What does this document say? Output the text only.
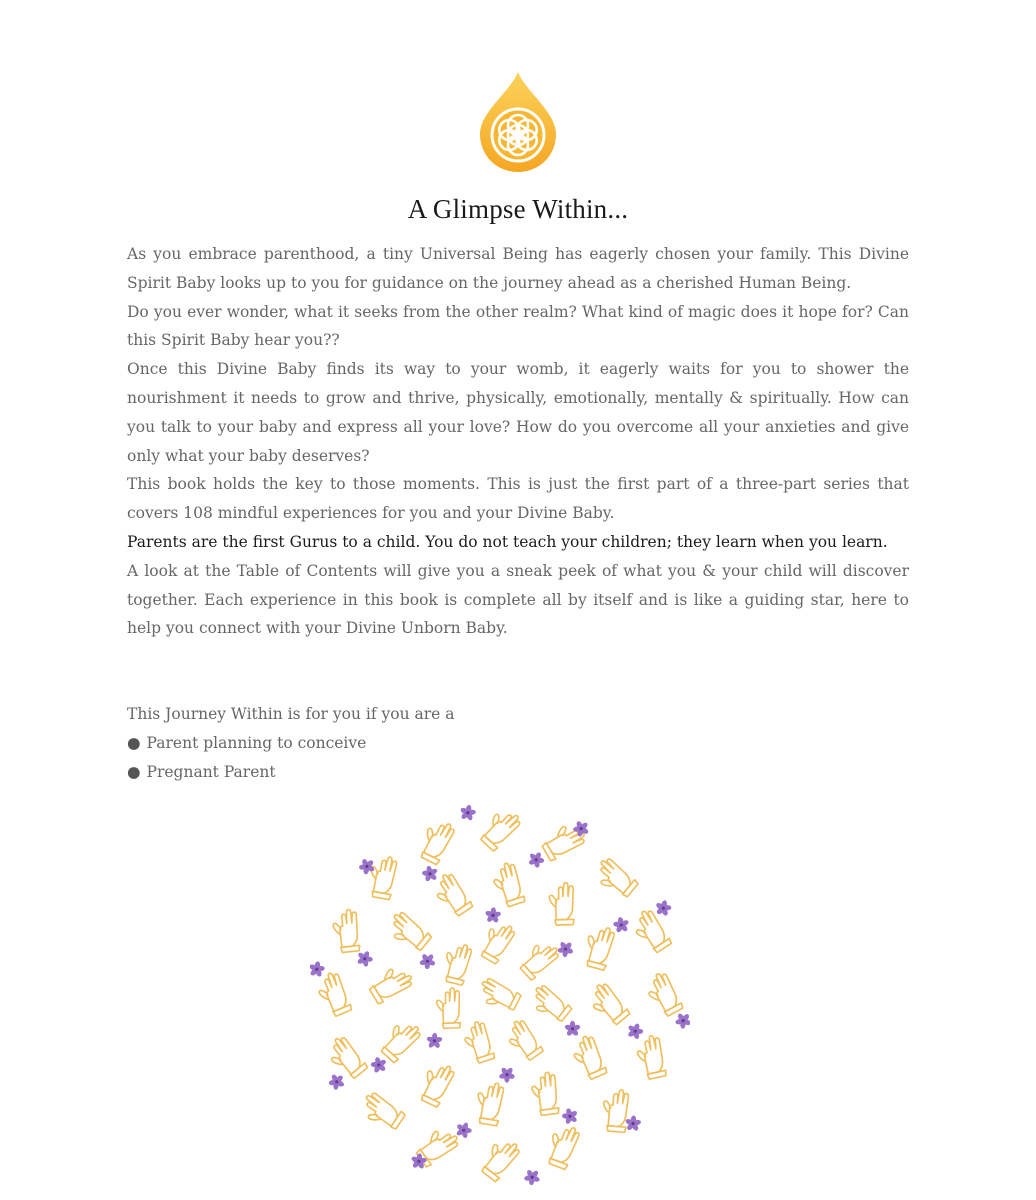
A Glimpse Within...

As you embrace parenthood, a tiny Universal Being has eagerly chosen your family. This Divine Spirit Baby looks up to you for guidance on the journey ahead as a cherished Human Being.

Do you ever wonder, what it seeks from the other realm? What kind of magic does it hope for? Can this Spirit Baby hear you??

Once this Divine Baby finds its way to your womb, it eagerly waits for you to shower the nourishment it needs to grow and thrive, physically, emotionally, mentally & spiritually. How can you talk to your baby and express all your love? How do you overcome all your anxieties and give only what your baby deserves?

This book holds the key to those moments. This is just the first part of a three-part series that covers 108 mindful experiences for you and your Divine Baby.

Parents are the first Gurus to a child. You do not teach your children; they learn when you learn.

A look at the Table of Contents will give you a sneak peek of what you & your child will discover together. Each experience in this book is complete all by itself and is like a guiding star, here to help you connect with your Divine Unborn Baby.

This Journey Within is for you if you are a

● Parent planning to conceive

● Pregnant Parent
